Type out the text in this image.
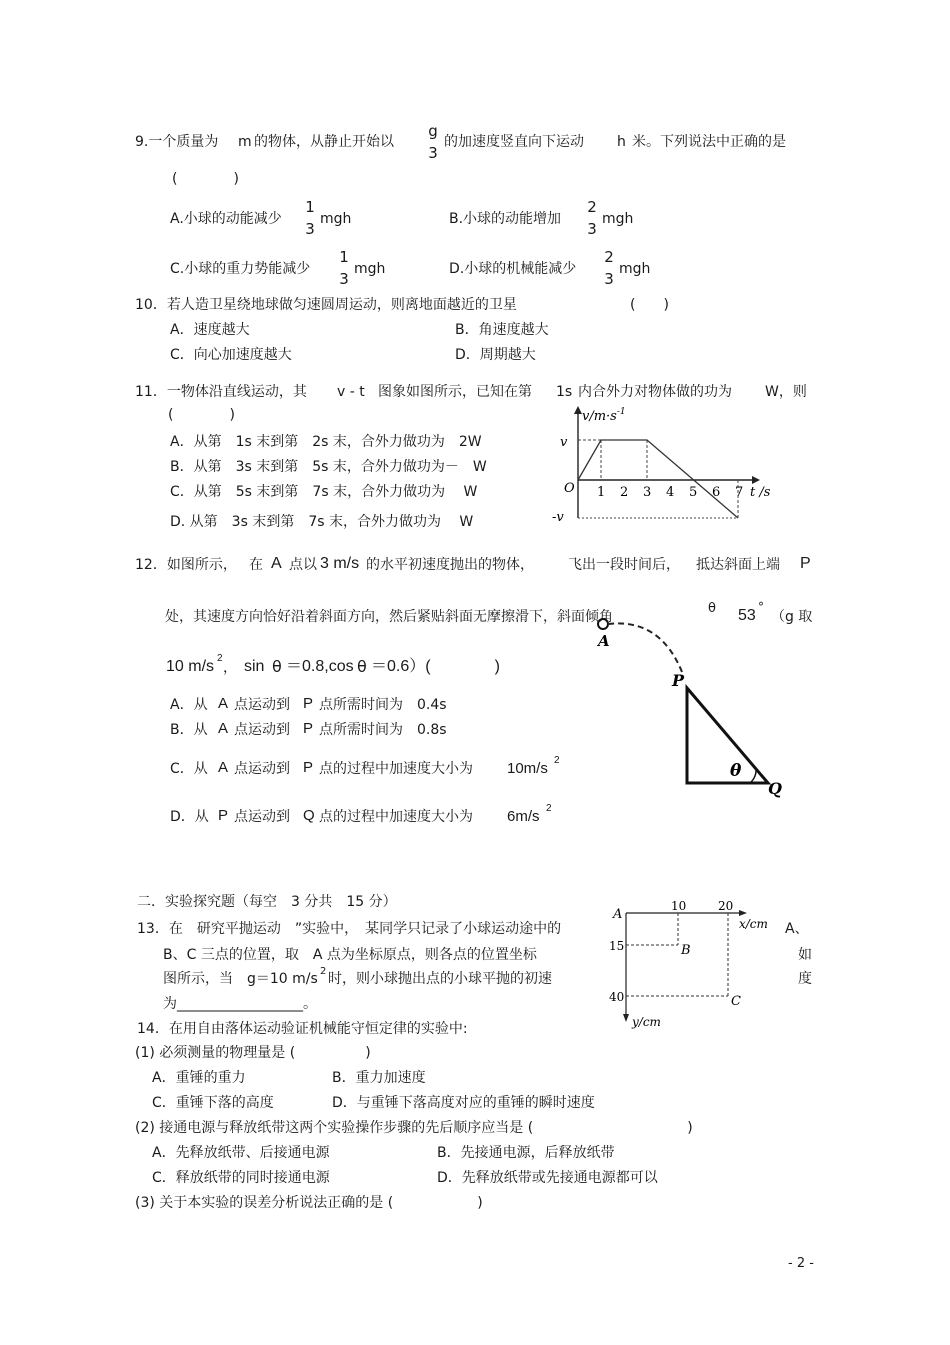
9.一个质量为 m 的物体，从静止开始以
g
3
的加速度竖直向下运动 h 米。下列说法中正确的是
(　　　　)
A.小球的动能减少
1
3
mgh	B.小球的动能增加
2
3
mgh
C.小球的重力势能减少
1
3
mgh	D.小球的机械能减少
2
3
mgh
10．若人造卫星绕地球做匀速圆周运动，则离地面越近的卫星	(　　)
A．速度越大	B．角速度越大
C．向心加速度越大	D．周期越大
11．一物体沿直线运动，其 v - t 图象如图所示，已知在第 1s 内合外力对物体做的功为 W，则
(　　　　)
A．从第　1s 末到第　2s 末，合外力做功为　2W
B．从第　3s 末到第　5s 末，合外力做功为－　W
C．从第　5s 末到第　7s 末，合外力做功为　 W
D. 从第　3s 末到第　7s 末，合外力做功为　 W
$v/m\cdot s^{-1}$
v
-v
O	t /s
1 2 3 4 5 6 7
12．如图所示， 在 A 点以 3 m/s 的水平初速度抛出的物体， 飞出一段时间后， 抵达斜面上端 P
处，其速度方向恰好沿着斜面方向，然后紧贴斜面无摩擦滑下，斜面倾角
θ 53 °
（g 取
10 m/s 2
， sin θ ＝0.8,cos θ ＝0.6）(　　　　)
A．从 A 点运动到 P 点所需时间为　0.4s
B．从 A 点运动到 P 点所需时间为　0.8s
C．从 A 点运动到 P 点的过程中加速度大小为 10m/s 2
D．从 P 点运动到 Q 点的过程中加速度大小为 6m/s 2
A
P
θ
Q
二．实验探究题（每空　3 分共　15 分）
13．在　研究平抛运动　”实验中，　某同学只记录了小球运动途中的	A、
B、C 三点的位置，取　A 点为坐标原点，则各点的位置坐标	如
图所示，当　g＝10 m/s 2 时，则小球抛出点的小球平抛的初速	度
为__________________。
A
10	20
x/cm
15
40
y/cm
B
C
14．在用自由落体运动验证机械能守恒定律的实验中:
(1) 必须测量的物理量是 (　　　　　)
A．重锤的重力	B．重力加速度
C．重锤下落的高度	D．与重锤下落高度对应的重锤的瞬时速度
(2) 接通电源与释放纸带这两个实验操作步骤的先后顺序应当是 (　　　　　　　　　　　)
A．先释放纸带、后接通电源	B．先接通电源，后释放纸带
C．释放纸带的同时接通电源	D．先释放纸带或先接通电源都可以
(3) 关于本实验的误差分析说法正确的是 (　　　　　　)
- 2 -
